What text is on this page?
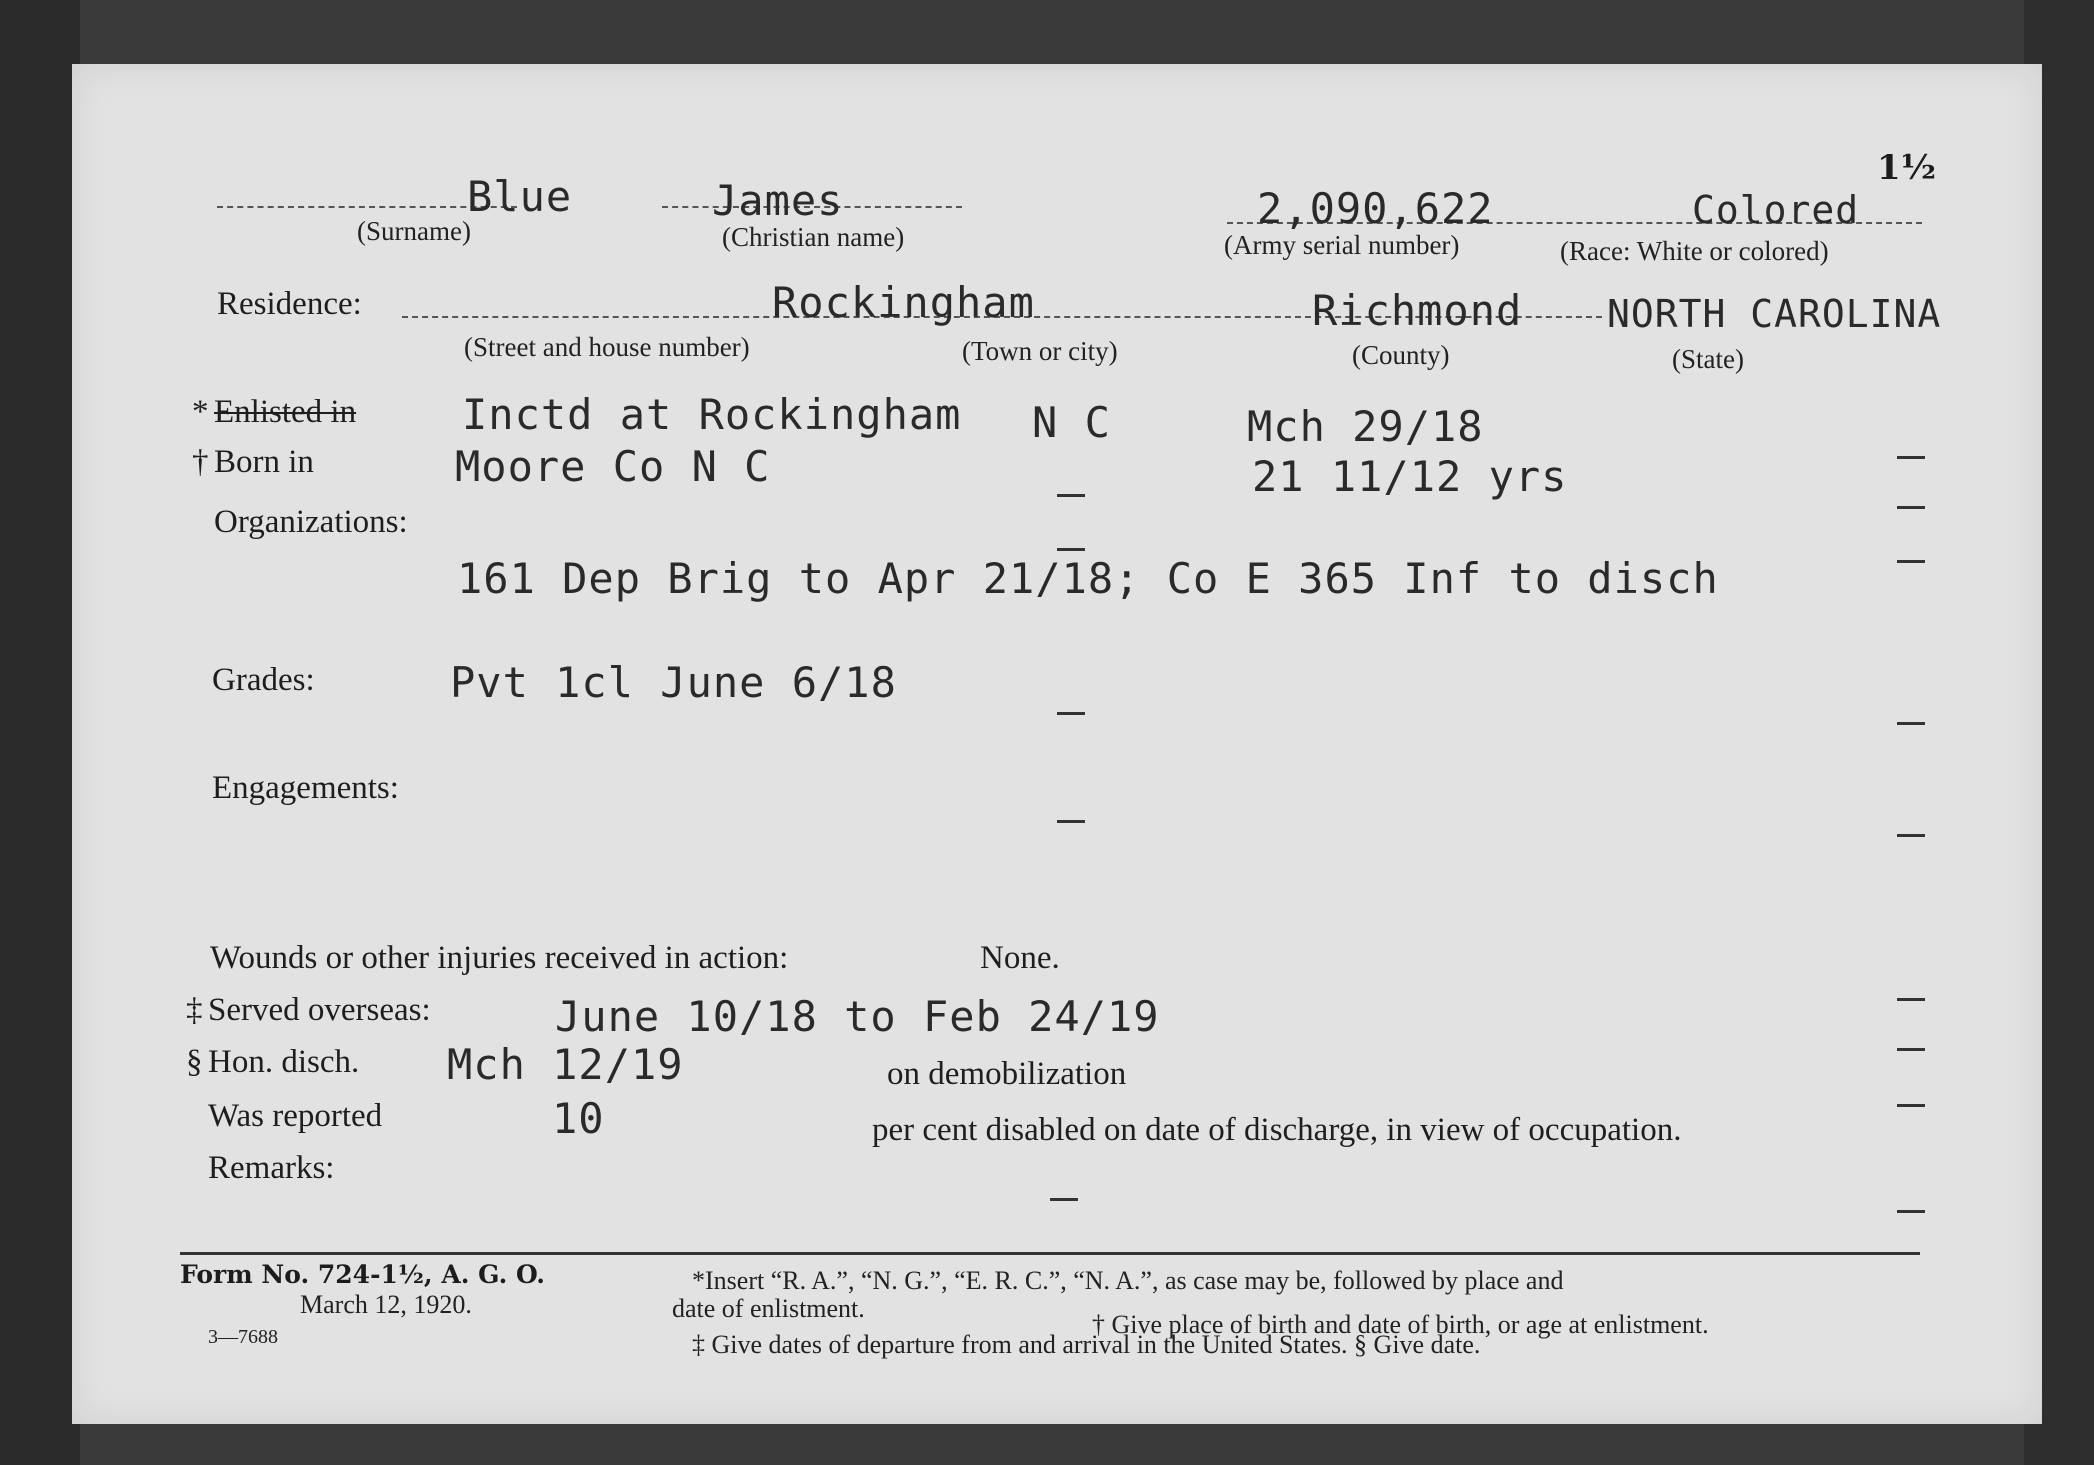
1½
Blue	James	2,090,622	Colored
(Surname)	(Christian name)	(Army serial number)	(Race: White or colored)
Residence:	Rockingham	Richmond NORTH CAROLINA
(Street and house number)	(Town or city)	(County)	(State)
* Enlisted in	Inctd at Rockingham N C	Mch 29/18
† Born in	Moore Co N C	21 11/12 yrs
Organizations:
161 Dep Brig to Apr 21/18; Co E 365 Inf to disch
Grades:	Pvt 1cl June 6/18
Engagements:
Wounds or other injuries received in action:	None.
‡ Served overseas:	June 10/18 to Feb 24/19
§ Hon. disch. Mch 12/19	on demobilization
Was reported	10	per cent disabled on date of discharge, in view of occupation.
Remarks:
Form No. 724-1½, A. G. O.
March 12, 1920.
3—7688
*Insert “R. A.”, “N. G.”, “E. R. C.”, “N. A.”, as case may be, followed by place and
date of enlistment.
† Give place of birth and date of birth, or age at enlistment.
‡ Give dates of departure from and arrival in the United States. § Give date.
